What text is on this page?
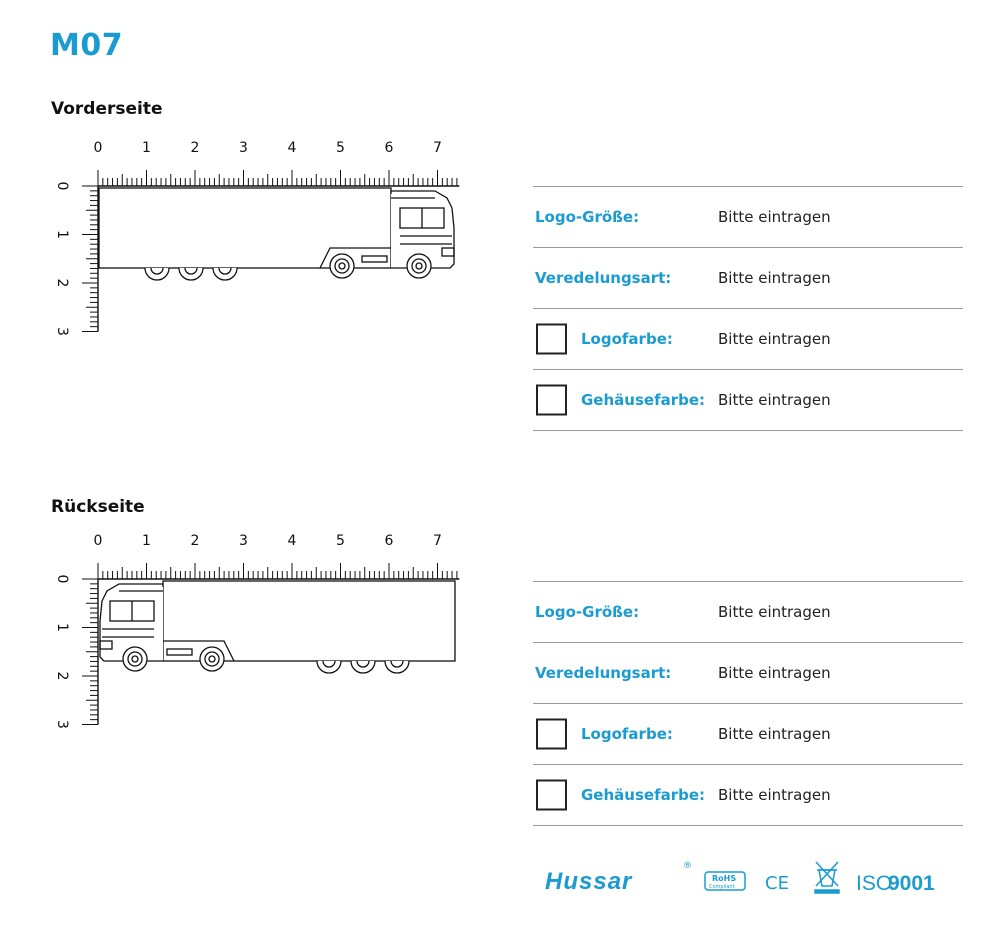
M07
Vorderseite
0	1	2	3	4	5	6	7
0
1
2
3
Logo-Größe:	Bitte eintragen
Veredelungsart:	Bitte eintragen
Logofarbe:	Bitte eintragen
Gehäusefarbe: Bitte eintragen
Rückseite
0	1	2	3	4	5	6	7
0
1
2
3
Logo-Größe:	Bitte eintragen
Veredelungsart:	Bitte eintragen
Logofarbe:	Bitte eintragen
Gehäusefarbe: Bitte eintragen
Hussar
®
RoHS
Compliant CE	ISO
9001
